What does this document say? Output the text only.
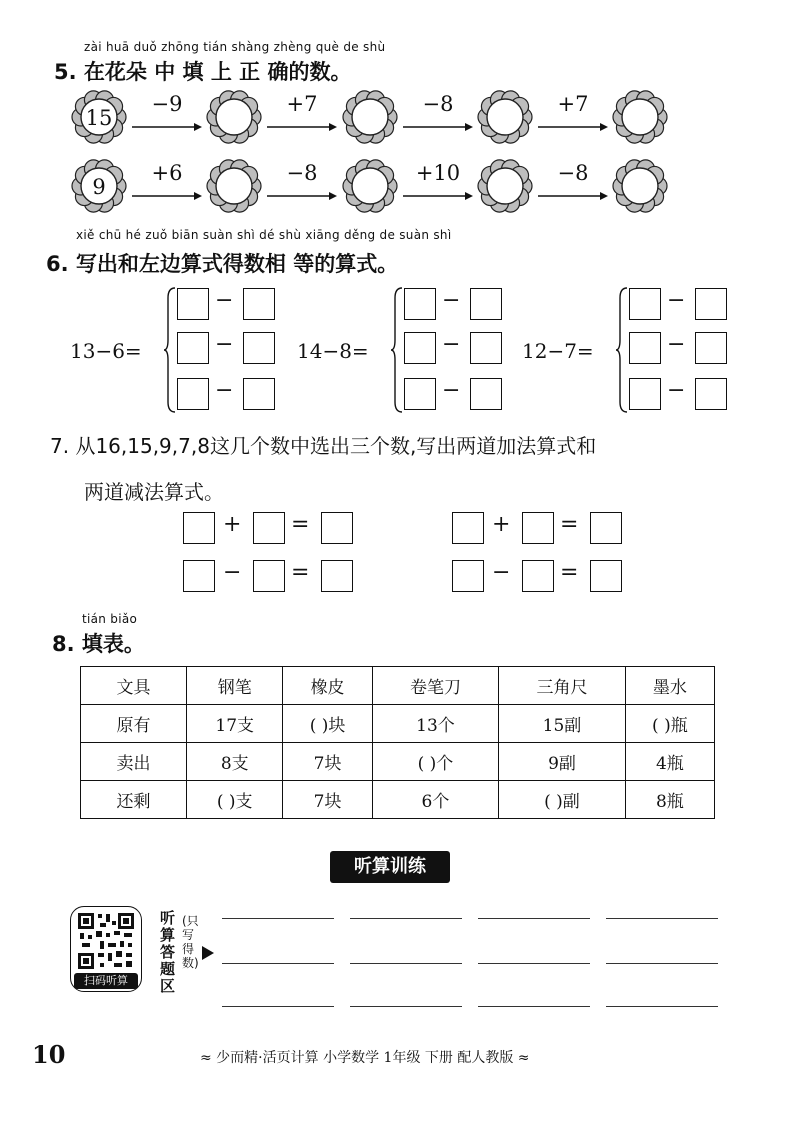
zài huā duǒ zhōng tián shàng zhèng què de shù
5. 在花朵 中 填 上 正 确的数。
15
−9	+7	−8	+7
9
+6	−8	+10	−8
xiě chū hé zuǒ biān suàn shì dé shù xiāng děng de suàn shì
6. 写出和左边算式得数相 等的算式。
13−6=
−
−
−
14−8=
−
−
−
12−7=
−
−
−
7. 从16,15,9,7,8这几个数中选出三个数,写出两道加法算式和
两道减法算式。
+ =	+ =
− =	− =
tián biǎo
8. 填表。
文具	钢笔	橡皮	卷笔刀	三角尺	墨水
原有	17支	( )块	13个	15副	( )瓶
卖出	8支	7块	( )个	9副	4瓶
还剩	( )支	7块	6个	( )副	8瓶
听算训练
扫码听算
听算答题区
(只写得数)
10	≈ 少而精·活页计算 小学数学 1年级 下册 配人教版 ≈
